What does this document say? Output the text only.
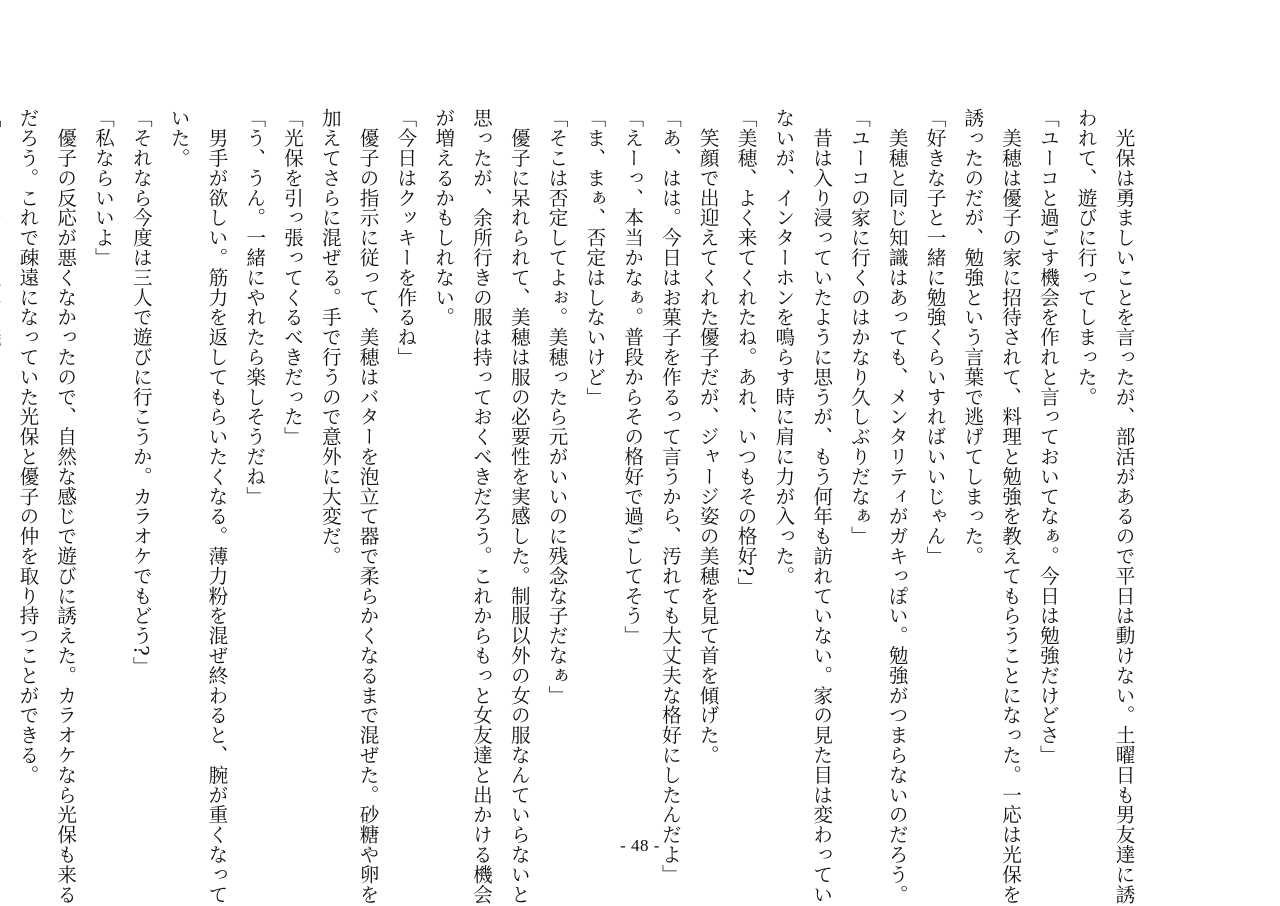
　光保は勇ましいことを言ったが、部活があるので平日は動けない。土曜日も男友達に誘
われて、遊びに行ってしまった。
「ユーコと過ごす機会を作れと言っておいてなぁ。今日は勉強だけどさ」
　美穂は優子の家に招待されて、料理と勉強を教えてもらうことになった。一応は光保を
誘ったのだが、勉強という言葉で逃げてしまった。
「好きな子と一緒に勉強くらいすればいいじゃん」
　美穂と同じ知識はあっても、メンタリティがガキっぽい。勉強がつまらないのだろう。
「ユーコの家に行くのはかなり久しぶりだなぁ」
　昔は入り浸っていたように思うが、もう何年も訪れていない。家の見た目は変わってい
ないが、インターホンを鳴らす時に肩に力が入った。
「美穂、よく来てくれたね。あれ、いつもその格好?」
　笑顔で出迎えてくれた優子だが、ジャージ姿の美穂を見て首を傾げた。
「あ、はは。今日はお菓子を作るって言うから、汚れても大丈夫な格好にしたんだよ」
「えーっ、本当かなぁ。普段からその格好で過ごしてそう」
「ま、まぁ、否定はしないけど」
「そこは否定してよぉ。美穂ったら元がいいのに残念な子だなぁ」
　優子に呆れられて、美穂は服の必要性を実感した。制服以外の女の服なんていらないと
思ったが、余所行きの服は持っておくべきだろう。これからもっと女友達と出かける機会
が増えるかもしれない。
「今日はクッキーを作るね」
　優子の指示に従って、美穂はバターを泡立て器で柔らかくなるまで混ぜた。砂糖や卵を
加えてさらに混ぜる。手で行うので意外に大変だ。
「光保を引っ張ってくるべきだった」
「う、うん。一緒にやれたら楽しそうだね」
　男手が欲しい。筋力を返してもらいたくなる。薄力粉を混ぜ終わると、腕が重くなって
いた。
「それなら今度は三人で遊びに行こうか。カラオケでもどう?」
「私ならいいよ」
　優子の反応が悪くなかったので、自然な感じで遊びに誘えた。カラオケなら光保も来る
だろう。これで疎遠になっていた光保と優子の仲を取り持つことができる。
- 48 -
